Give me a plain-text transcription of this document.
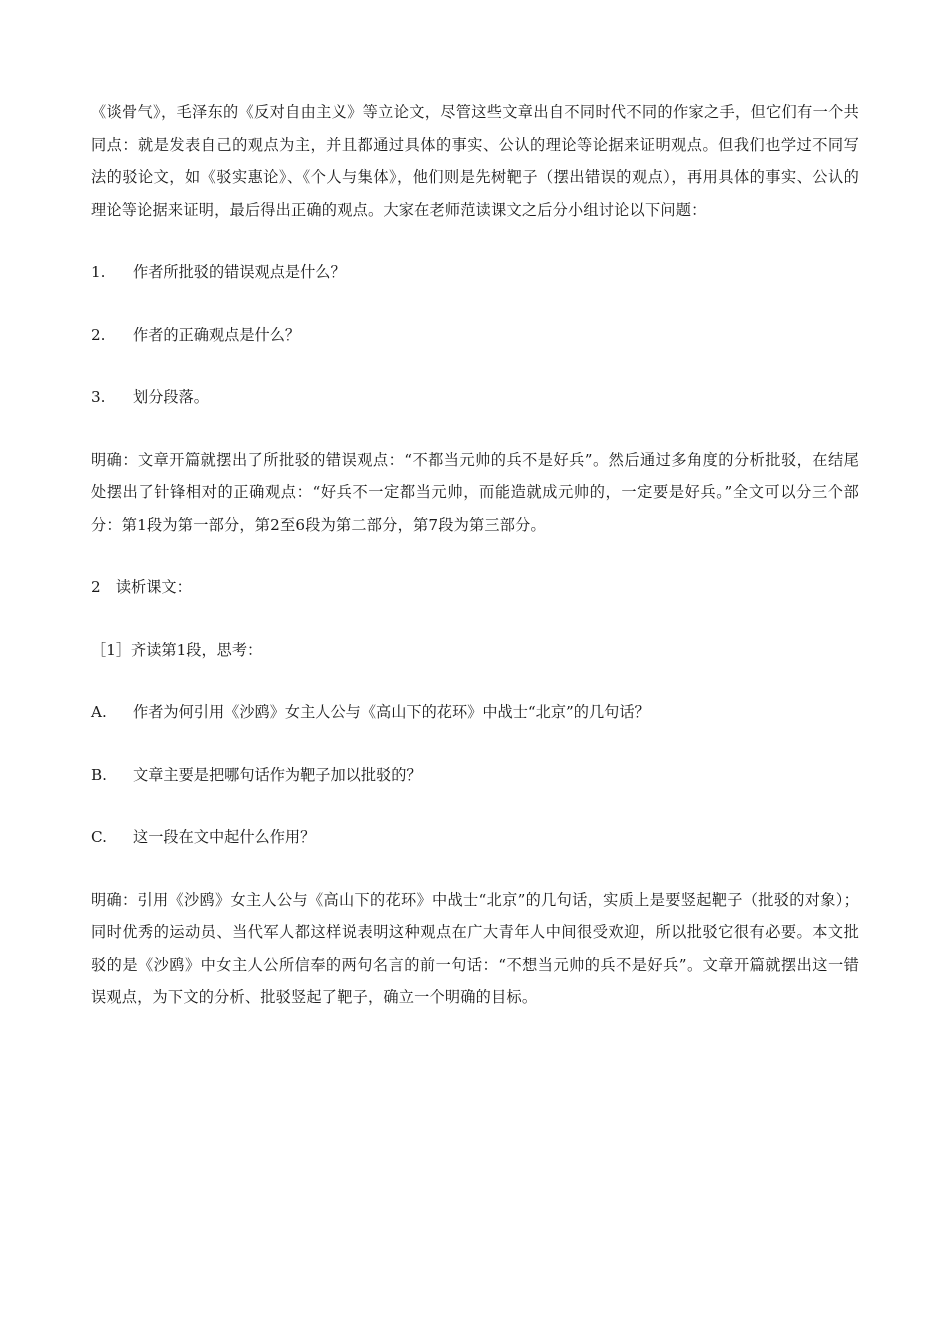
《谈骨气》，毛泽东的《反对自由主义》等立论文，尽管这些文章出自不同时代不同的作家之手，但它们有一个共同点：就是发表自己的观点为主，并且都通过具体的事实、公认的理论等论据来证明观点。但我们也学过不同写法的驳论文，如《驳实惠论》、《个人与集体》，他们则是先树靶子（摆出错误的观点），再用具体的事实、公认的理论等论据来证明，最后得出正确的观点。大家在老师范读课文之后分小组讨论以下问题：

1.	作者所批驳的错误观点是什么？

2.	作者的正确观点是什么？

3.	划分段落。

明确：文章开篇就摆出了所批驳的错误观点：“不都当元帅的兵不是好兵”。然后通过多角度的分析批驳，在结尾处摆出了针锋相对的正确观点：“好兵不一定都当元帅，而能造就成元帅的，一定要是好兵。”全文可以分三个部分：第1段为第一部分，第2至6段为第二部分，第7段为第三部分。

2　读析课文：

［1］齐读第1段，思考：

A.	作者为何引用《沙鸥》女主人公与《高山下的花环》中战士“北京”的几句话？

B.	文章主要是把哪句话作为靶子加以批驳的？

C.	这一段在文中起什么作用？

明确：引用《沙鸥》女主人公与《高山下的花环》中战士“北京”的几句话，实质上是要竖起靶子（批驳的对象）；同时优秀的运动员、当代军人都这样说表明这种观点在广大青年人中间很受欢迎，所以批驳它很有必要。本文批驳的是《沙鸥》中女主人公所信奉的两句名言的前一句话：“不想当元帅的兵不是好兵”。文章开篇就摆出这一错误观点，为下文的分析、批驳竖起了靶子，确立一个明确的目标。
